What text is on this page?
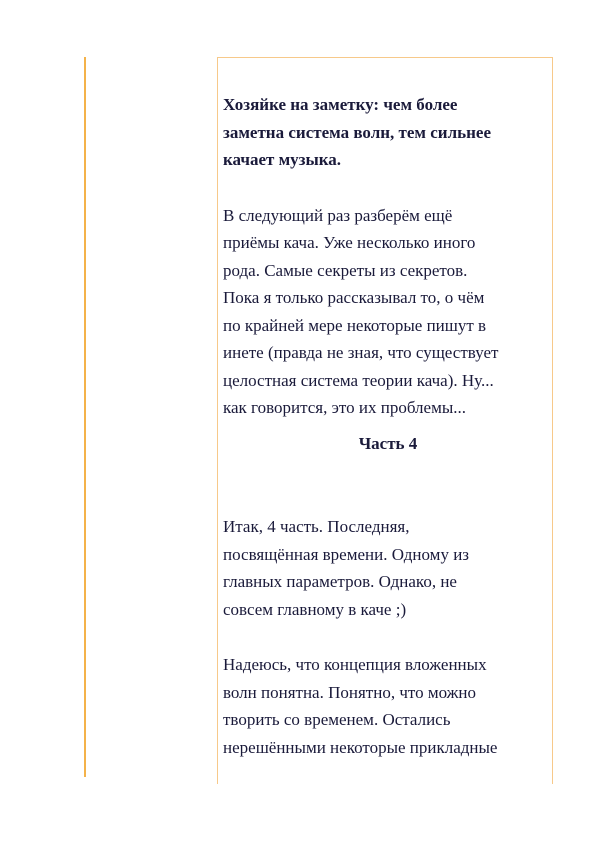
Хозяйке на заметку: чем более
заметна система волн, тем сильнее
качает музыка.

В следующий раз разберём ещё
приёмы кача. Уже несколько иного
рода. Самые секреты из секретов.
Пока я только рассказывал то, о чём
по крайней мере некоторые пишут в
инете (правда не зная, что существует
целостная система теории кача). Ну...
как говорится, это их проблемы...

Часть 4

Итак, 4 часть. Последняя,
посвящённая времени. Одному из
главных параметров. Однако, не
совсем главному в каче ;)

Надеюсь, что концепция вложенных
волн понятна. Понятно, что можно
творить со временем. Остались
нерешёнными некоторые прикладные
